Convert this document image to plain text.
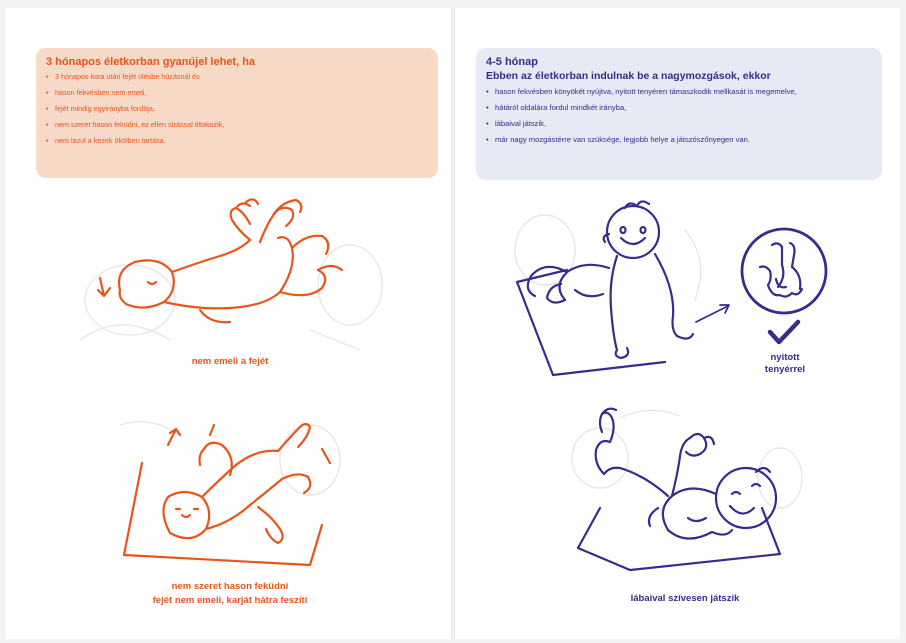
3 hónapos életkorban gyanújel lehet, ha
• 3 hónapos kora után fejét ülésbe húzásnál és
• hason fekvésben nem emeli,
• fejét mindig egyirányba fordítja,
• nem szeret hason feküdni, ez ellen sírással tiltakozik,
• nem lazul a kezek ökölben tartása.
4-5 hónap
Ebben az életkorban indulnak be a nagymozgások, ekkor
• hason fekvésben könyökét nyújtva, nyitott tenyéren támaszkodik mellkasát is megemelve,
• hátáról oldalára fordul mindkét irányba,
• lábaival játszik,
• már nagy mozgástérre van szüksége, legjobb helye a játszószőnyegen van.
nem emeli a fejét
nem szeret hason feküdni
fejét nem emeli, karját hátra feszíti
nyitott
tenyérrel
lábaival szívesen játszik
